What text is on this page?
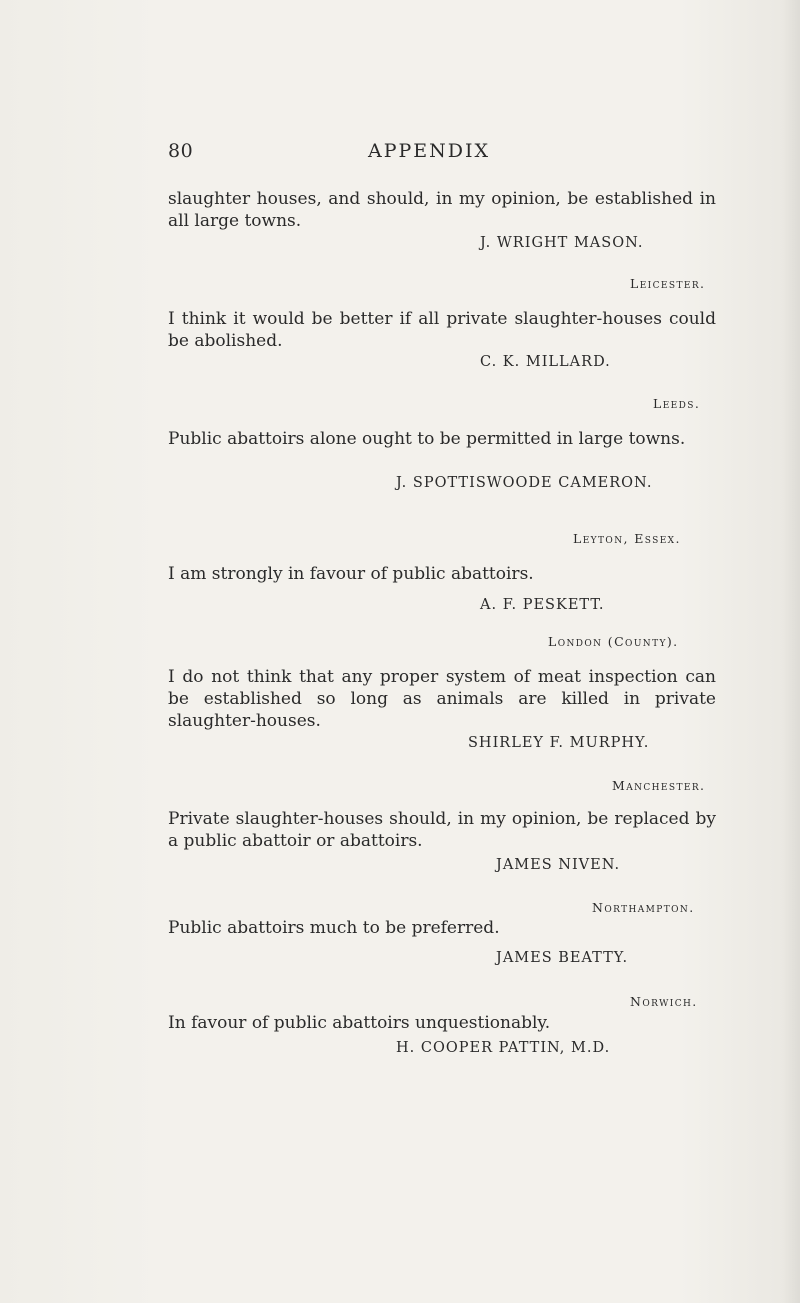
80	APPENDIX
slaughter houses, and should, in my opinion, be established in all large towns.
J. WRIGHT MASON.
Leicester.
I think it would be better if all private slaughter-houses could be abolished.
C. K. MILLARD.
Leeds.
Public abattoirs alone ought to be permitted in large towns.
J. SPOTTISWOODE CAMERON.
Leyton, Essex.
I am strongly in favour of public abattoirs.
A. F. PESKETT.
London (County).
I do not think that any proper system of meat inspection can be established so long as animals are killed in private slaughter-houses.
SHIRLEY F. MURPHY.
Manchester.
Private slaughter-houses should, in my opinion, be replaced by a public abattoir or abattoirs.
JAMES NIVEN.
Northampton.
Public abattoirs much to be preferred.
JAMES BEATTY.
Norwich.
In favour of public abattoirs unquestionably.
H. COOPER PATTIN, M.D.
